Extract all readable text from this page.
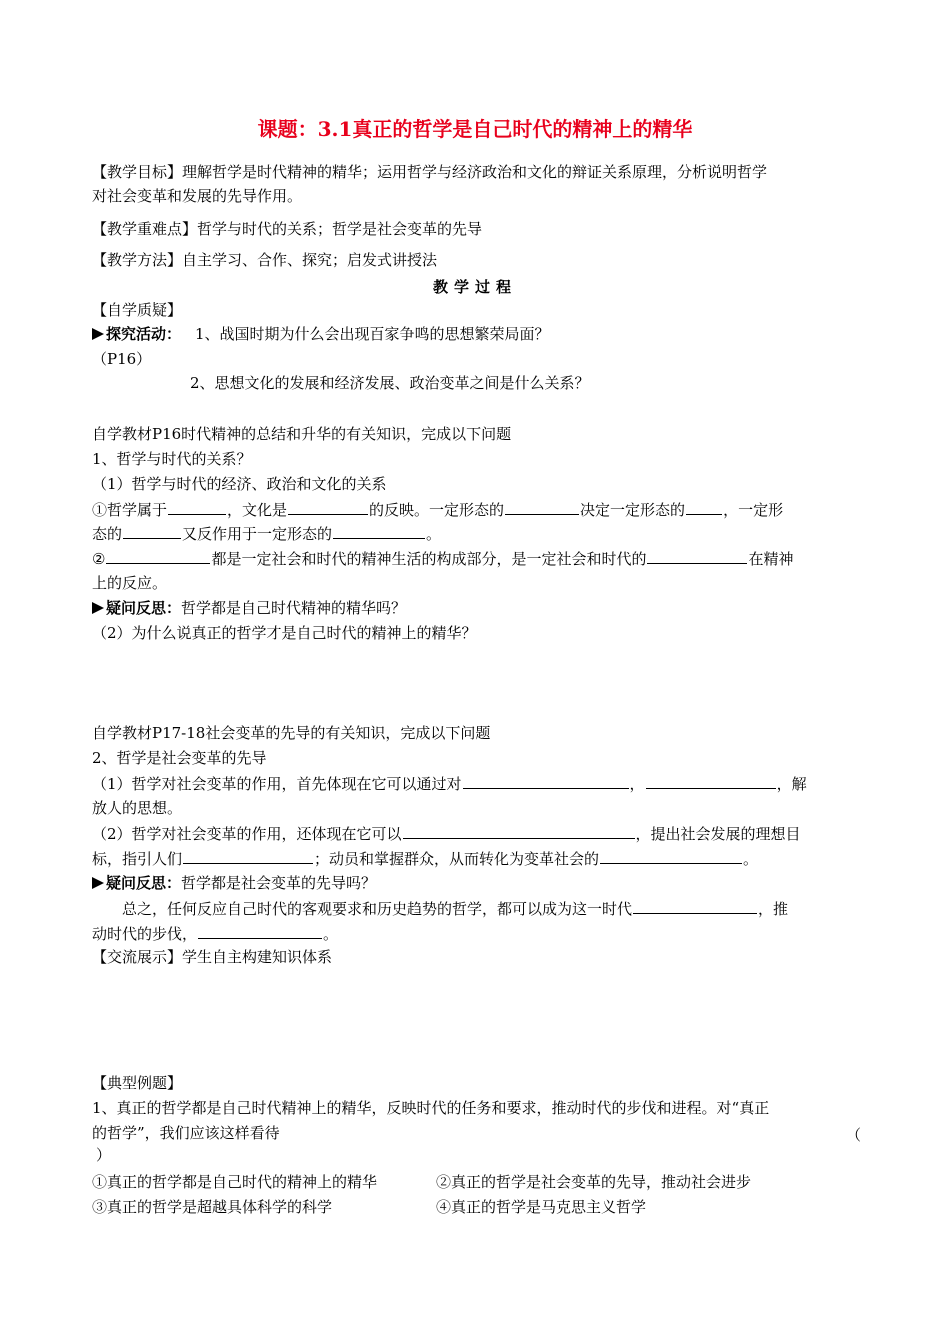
课题：3.1真正的哲学是自己时代的精神上的精华
【教学目标】理解哲学是时代精神的精华；运用哲学与经济政治和文化的辩证关系原理，分析说明哲学
对社会变革和发展的先导作用。
【教学重难点】哲学与时代的关系；哲学是社会变革的先导
【教学方法】自主学习、合作、探究；启发式讲授法
教学过程
【自学质疑】
探究活动： 1、战国时期为什么会出现百家争鸣的思想繁荣局面？
（P16）
2、思想文化的发展和经济发展、政治变革之间是什么关系？
自学教材P16时代精神的总结和升华的有关知识，完成以下问题
1、哲学与时代的关系？
（1）哲学与时代的经济、政治和文化的关系
①哲学属于	，文化是	的反映。一定形态的	决定一定形态的	，一定形
态的	又反作用于一定形态的	。
②	都是一定社会和时代的精神生活的构成部分，是一定社会和时代的	在精神
上的反应。
疑问反思：哲学都是自己时代精神的精华吗？
（2）为什么说真正的哲学才是自己时代的精神上的精华？
自学教材P17-18社会变革的先导的有关知识，完成以下问题
2、哲学是社会变革的先导
（1）哲学对社会变革的作用，首先体现在它可以通过对	，	，解
放人的思想。
（2）哲学对社会变革的作用，还体现在它可以	，提出社会发展的理想目
标，指引人们	；动员和掌握群众，从而转化为变革社会的	。
疑问反思：哲学都是社会变革的先导吗？
总之，任何反应自己时代的客观要求和历史趋势的哲学，都可以成为这一时代	，推
动时代的步伐，	。
【交流展示】学生自主构建知识体系
【典型例题】
1、真正的哲学都是自己时代精神上的精华，反映时代的任务和要求，推动时代的步伐和进程。对“真正
的哲学”，我们应该这样看待	（
）
①真正的哲学都是自己时代的精神上的精华	②真正的哲学是社会变革的先导，推动社会进步
③真正的哲学是超越具体科学的科学	④真正的哲学是马克思主义哲学
